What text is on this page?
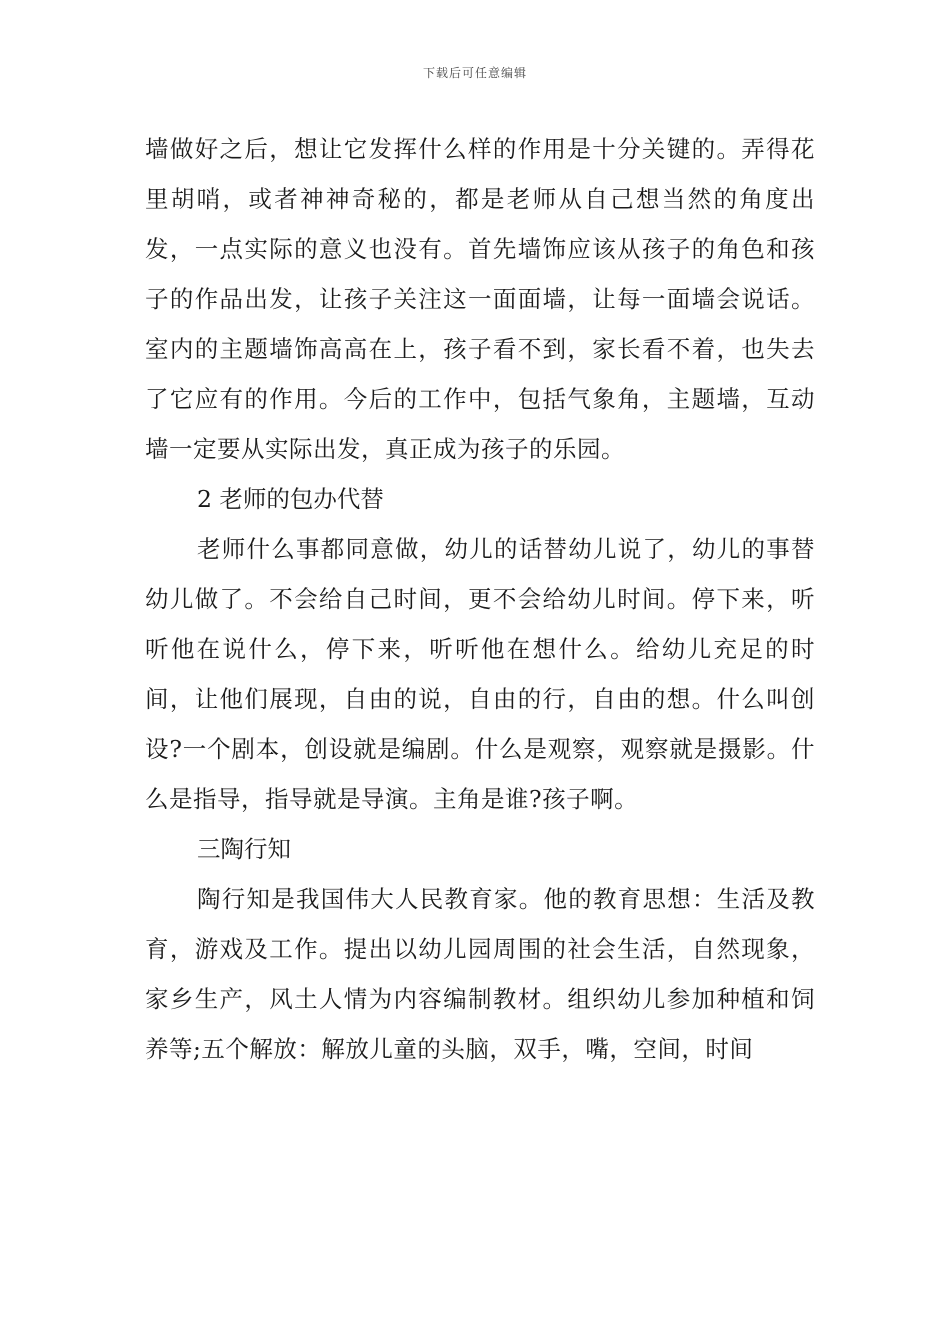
下载后可任意编辑

墙做好之后，想让它发挥什么样的作用是十分关键的。弄得花里胡哨，或者神神奇秘的，都是老师从自己想当然的角度出发，一点实际的意义也没有。首先墙饰应该从孩子的角色和孩子的作品出发，让孩子关注这一面面墙，让每一面墙会说话。室内的主题墙饰高高在上，孩子看不到，家长看不着，也失去了它应有的作用。今后的工作中，包括气象角，主题墙，互动墙一定要从实际出发，真正成为孩子的乐园。

2 老师的包办代替

老师什么事都同意做，幼儿的话替幼儿说了，幼儿的事替幼儿做了。不会给自己时间，更不会给幼儿时间。停下来，听听他在说什么，停下来，听听他在想什么。给幼儿充足的时间，让他们展现，自由的说，自由的行，自由的想。什么叫创设?一个剧本，创设就是编剧。什么是观察，观察就是摄影。什么是指导，指导就是导演。主角是谁?孩子啊。

三陶行知

陶行知是我国伟大人民教育家。他的教育思想：生活及教育，游戏及工作。提出以幼儿园周围的社会生活，自然现象，家乡生产，风土人情为内容编制教材。组织幼儿参加种植和饲养等;五个解放：解放儿童的头脑，双手，嘴，空间，时间
